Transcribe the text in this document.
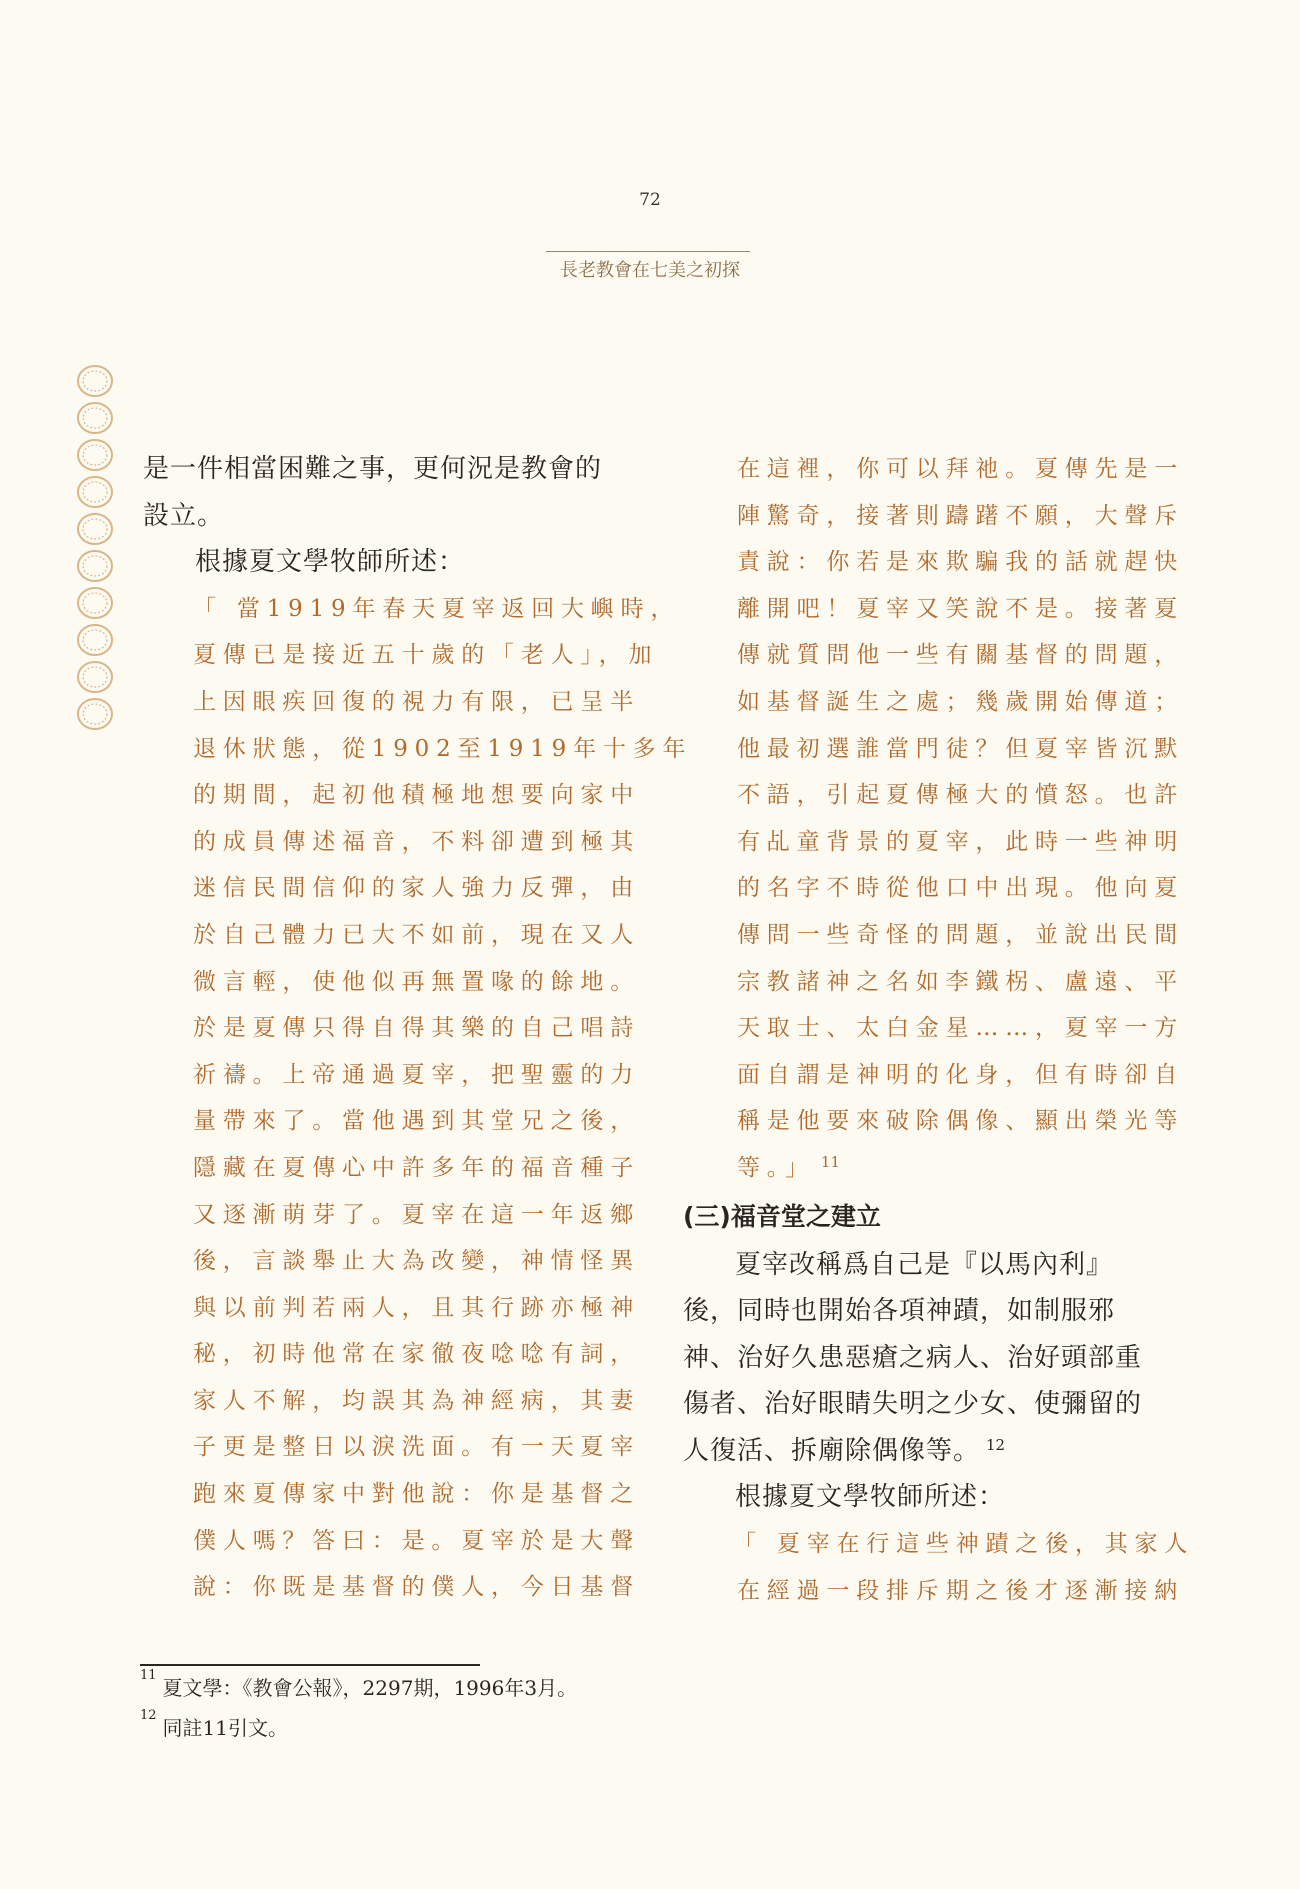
72
長老教會在七美之初探
是一件相當困難之事，更何況是教會的
設立。
根據夏文學牧師所述：
「 當1919年春天夏宰返回大嶼時，
夏傳已是接近五十歲的「老人」，加
上因眼疾回復的視力有限，已呈半
退休狀態，從1902至1919年十多年
的期間，起初他積極地想要向家中
的成員傳述福音，不料卻遭到極其
迷信民間信仰的家人強力反彈，由
於自己體力已大不如前，現在又人
微言輕，使他似再無置喙的餘地。
於是夏傳只得自得其樂的自己唱詩
祈禱。上帝通過夏宰，把聖靈的力
量帶來了。當他遇到其堂兄之後，
隱藏在夏傳心中許多年的福音種子
又逐漸萌芽了。夏宰在這一年返鄉
後，言談舉止大為改變，神情怪異
與以前判若兩人，且其行跡亦極神
秘，初時他常在家徹夜唸唸有詞，
家人不解，均誤其為神經病，其妻
子更是整日以淚洗面。有一天夏宰
跑來夏傳家中對他說：你是基督之
僕人嗎？答曰：是。夏宰於是大聲
說：你既是基督的僕人，今日基督
在這裡，你可以拜祂。夏傳先是一
陣驚奇，接著則躊躇不願，大聲斥
責說：你若是來欺騙我的話就趕快
離開吧！夏宰又笑說不是。接著夏
傳就質問他一些有關基督的問題，
如基督誕生之處；幾歲開始傳道；
他最初選誰當門徒？但夏宰皆沉默
不語，引起夏傳極大的憤怒。也許
有乩童背景的夏宰，此時一些神明
的名字不時從他口中出現。他向夏
傳問一些奇怪的問題，並說出民間
宗教諸神之名如李鐵柺、盧遠、平
天取士、太白金星……，夏宰一方
面自謂是神明的化身，但有時卻自
稱是他要來破除偶像、顯出榮光等
等。」 $^{11}$
(三)福音堂之建立
夏宰改稱爲自己是『以馬內利』
後，同時也開始各項神蹟，如制服邪
神、治好久患惡瘡之病人、治好頭部重
傷者、治好眼睛失明之少女、使彌留的
人復活、拆廟除偶像等。 $^{12}$
根據夏文學牧師所述：
「 夏宰在行這些神蹟之後，其家人
在經過一段排斥期之後才逐漸接納
$^{11}$夏文學：《教會公報》，2297期，1996年3月。
$^{12}$同註11引文。
